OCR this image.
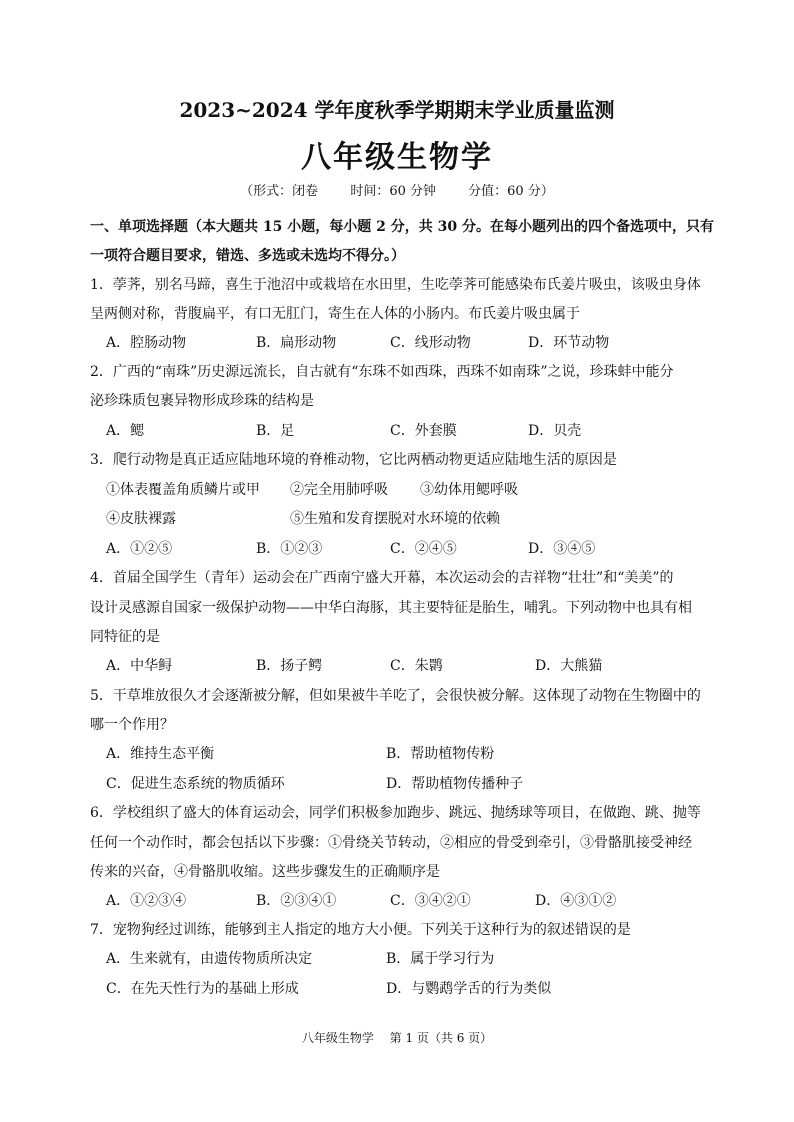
2023~2024 学年度秋季学期期末学业质量监测
八年级生物学
（形式：闭卷 时间：60 分钟 分值：60 分）
一、单项选择题（本大题共 15 小题，每小题 2 分，共 30 分。在每小题列出的四个备选项中，只有
一项符合题目要求，错选、多选或未选均不得分。）
1．荸荠，别名马蹄，喜生于池沼中或栽培在水田里，生吃荸荠可能感染布氏姜片吸虫，该吸虫身体
呈两侧对称，背腹扁平，有口无肛门，寄生在人体的小肠内。布氏姜片吸虫属于
A．腔肠动物	B．扁形动物	C．线形动物	D．环节动物
2．广西的“南珠”历史源远流长，自古就有“东珠不如西珠，西珠不如南珠”之说，珍珠蚌中能分
泌珍珠质包裹异物形成珍珠的结构是
A．鳃	B．足	C．外套膜	D．贝壳
3．爬行动物是真正适应陆地环境的脊椎动物，它比两栖动物更适应陆地生活的原因是
①体表覆盖角质鳞片或甲 ②完全用肺呼吸 ③幼体用鳃呼吸
④皮肤裸露	⑤生殖和发育摆脱对水环境的依赖
A．①②⑤	B．①②③	C．②④⑤	D．③④⑤
4．首届全国学生（青年）运动会在广西南宁盛大开幕，本次运动会的吉祥物“壮壮”和“美美”的
设计灵感源自国家一级保护动物——中华白海豚，其主要特征是胎生，哺乳。下列动物中也具有相
同特征的是
A．中华鲟	B．扬子鳄	C．朱鹮	D．大熊猫
5．干草堆放很久才会逐渐被分解，但如果被牛羊吃了，会很快被分解。这体现了动物在生物圈中的
哪一个作用？
A．维持生态平衡	B．帮助植物传粉
C．促进生态系统的物质循环	D．帮助植物传播种子
6．学校组织了盛大的体育运动会，同学们积极参加跑步、跳远、抛绣球等项目，在做跑、跳、抛等
任何一个动作时，都会包括以下步骤：①骨绕关节转动，②相应的骨受到牵引，③骨骼肌接受神经
传来的兴奋，④骨骼肌收缩。这些步骤发生的正确顺序是
A．①②③④	B．②③④①	C．③④②①	D．④③①②
7．宠物狗经过训练，能够到主人指定的地方大小便。下列关于这种行为的叙述错误的是
A．生来就有，由遗传物质所决定	B．属于学习行为
C．在先天性行为的基础上形成	D．与鹦鹉学舌的行为类似
八年级生物学 第 1 页（共 6 页）
